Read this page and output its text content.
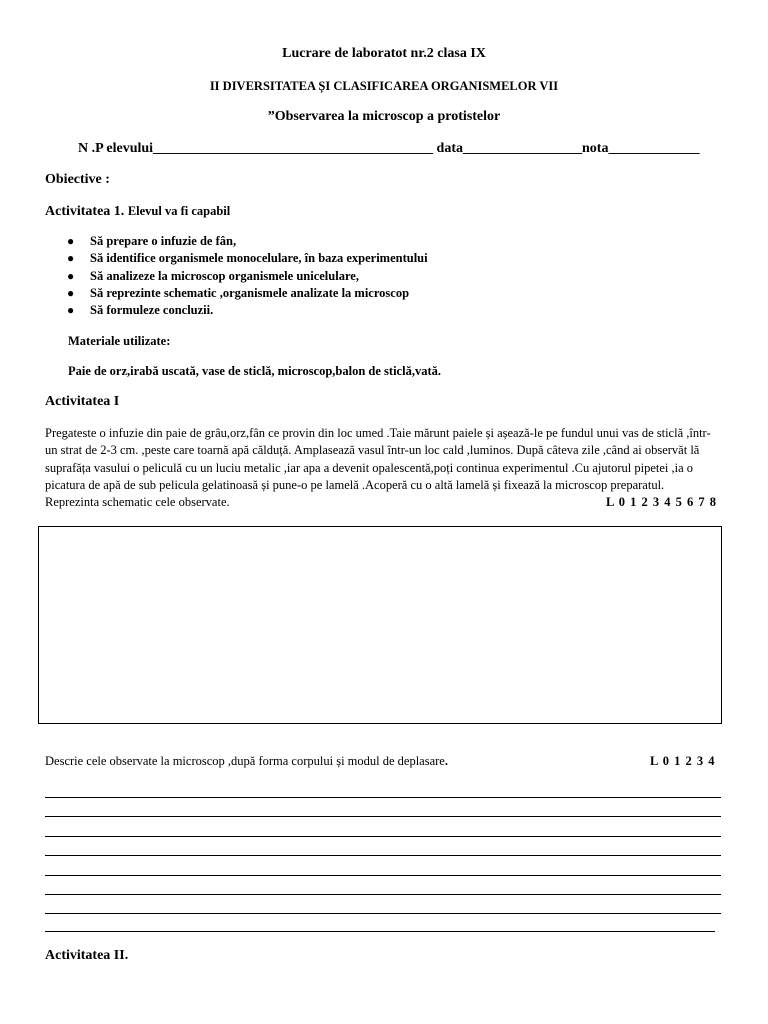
Lucrare de laboratot nr.2 clasa IX
II DIVERSITATEA ȘI CLASIFICAREA ORGANISMELOR VII
”Observarea la microscop a protistelor
N .P elevului________________________________________ data_________________nota_____________
Obiective :
Activitatea 1. Elevul va fi capabil
● Să prepare o infuzie de fân,
● Să identifice organismele monocelulare, în baza experimentului
● Să analizeze la microscop organismele unicelulare,
● Să reprezinte schematic ,organismele analizate la microscop
● Să formuleze concluzii.
Materiale utilizate:
Paie de orz,irabă uscată, vase de sticlă, microscop,balon de sticlă,vată.
Activitatea I
Pregateste o infuzie din paie de grâu,orz,fân ce provin din loc umed .Taie mărunt paiele și așează-le pe fundul unui vas de sticlă ,într-
un strat de 2-3 cm. ,peste care toarnă apă călduță. Amplasează vasul într-un loc cald ,luminos. După câteva zile ,când ai observăt lă
suprafăța vasului o peliculă cu un luciu metalic ,iar apa a devenit opalescentă,poți continua experimentul .Cu ajutorul pipetei ,ia o
picatura de apă de sub pelicula gelatinoasă și pune-o pe lamelă .Acoperă cu o altă lamelă și fixează la microscop preparatul.
Reprezinta schematic cele observate.	L 0 1 2 3 4 5 6 7 8
Descrie cele observate la microscop ,după forma corpului și modul de deplasare.	L 0 1 2 3 4
Activitatea II.
